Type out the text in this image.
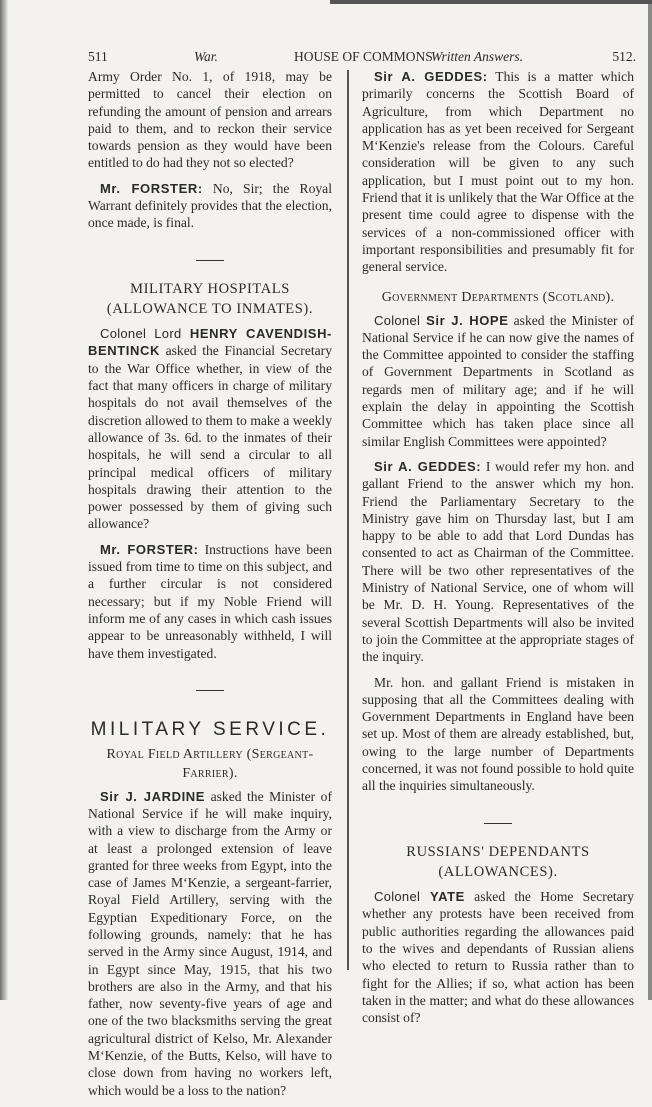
511	War.	HOUSE OF COMMONS
Written Answers.	512.

Army Order No. 1, of 1918, may be permitted to cancel their election on refunding the amount of pension and arrears paid to them, and to reckon their service towards pension as they would have been entitled to do had they not so elected?

Mr. FORSTER: No, Sir; the Royal Warrant definitely provides that the election, once made, is final.

MILITARY HOSPITALS (ALLOWANCE TO INMATES).

Colonel Lord HENRY CAVENDISH-BENTINCK asked the Financial Secretary to the War Office whether, in view of the fact that many officers in charge of military hospitals do not avail themselves of the discretion allowed to them to make a weekly allowance of 3s. 6d. to the inmates of their hospitals, he will send a circular to all principal medical officers of military hospitals drawing their attention to the power possessed by them of giving such allowance?

Mr. FORSTER: Instructions have been issued from time to time on this subject, and a further circular is not considered necessary; but if my Noble Friend will inform me of any cases in which cash issues appear to be unreasonably withheld, I will have them investigated.

MILITARY SERVICE.
Royal Field Artillery (Sergeant-Farrier).

Sir J. JARDINE asked the Minister of National Service if he will make inquiry, with a view to discharge from the Army or at least a prolonged extension of leave granted for three weeks from Egypt, into the case of James M‘Kenzie, a sergeant-farrier, Royal Field Artillery, serving with the Egyptian Expeditionary Force, on the following grounds, namely: that he has served in the Army since August, 1914, and in Egypt since May, 1915, that his two brothers are also in the Army, and that his father, now seventy-five years of age and one of the two blacksmiths serving the great agricultural district of Kelso, Mr. Alexander M‘Kenzie, of the Butts, Kelso, will have to close down from having no workers left, which would be a loss to the nation?

Sir A. GEDDES: This is a matter which primarily concerns the Scottish Board of Agriculture, from which Department no application has as yet been received for Sergeant M‘Kenzie's release from the Colours. Careful consideration will be given to any such application, but I must point out to my hon. Friend that it is unlikely that the War Office at the present time could agree to dispense with the services of a non-commissioned officer with important responsibilities and presumably fit for general service.

Government Departments (Scotland).

Colonel Sir J. HOPE asked the Minister of National Service if he can now give the names of the Committee appointed to consider the staffing of Government Departments in Scotland as regards men of military age; and if he will explain the delay in appointing the Scottish Committee which has taken place since all similar English Committees were appointed?

Sir A. GEDDES: I would refer my hon. and gallant Friend to the answer which my hon. Friend the Parliamentary Secretary to the Ministry gave him on Thursday last, but I am happy to be able to add that Lord Dundas has consented to act as Chairman of the Committee. There will be two other representatives of the Ministry of National Service, one of whom will be Mr. D. H. Young. Representatives of the several Scottish Departments will also be invited to join the Committee at the appropriate stages of the inquiry.

Mr. hon. and gallant Friend is mistaken in supposing that all the Committees dealing with Government Departments in England have been set up. Most of them are already established, but, owing to the large number of Departments concerned, it was not found possible to hold quite all the inquiries simultaneously.

RUSSIANS' DEPENDANTS (ALLOWANCES).

Colonel YATE asked the Home Secretary whether any protests have been received from public authorities regarding the allowances paid to the wives and dependants of Russian aliens who elected to return to Russia rather than to fight for the Allies; if so, what action has been taken in the matter; and what do these allowances consist of?
